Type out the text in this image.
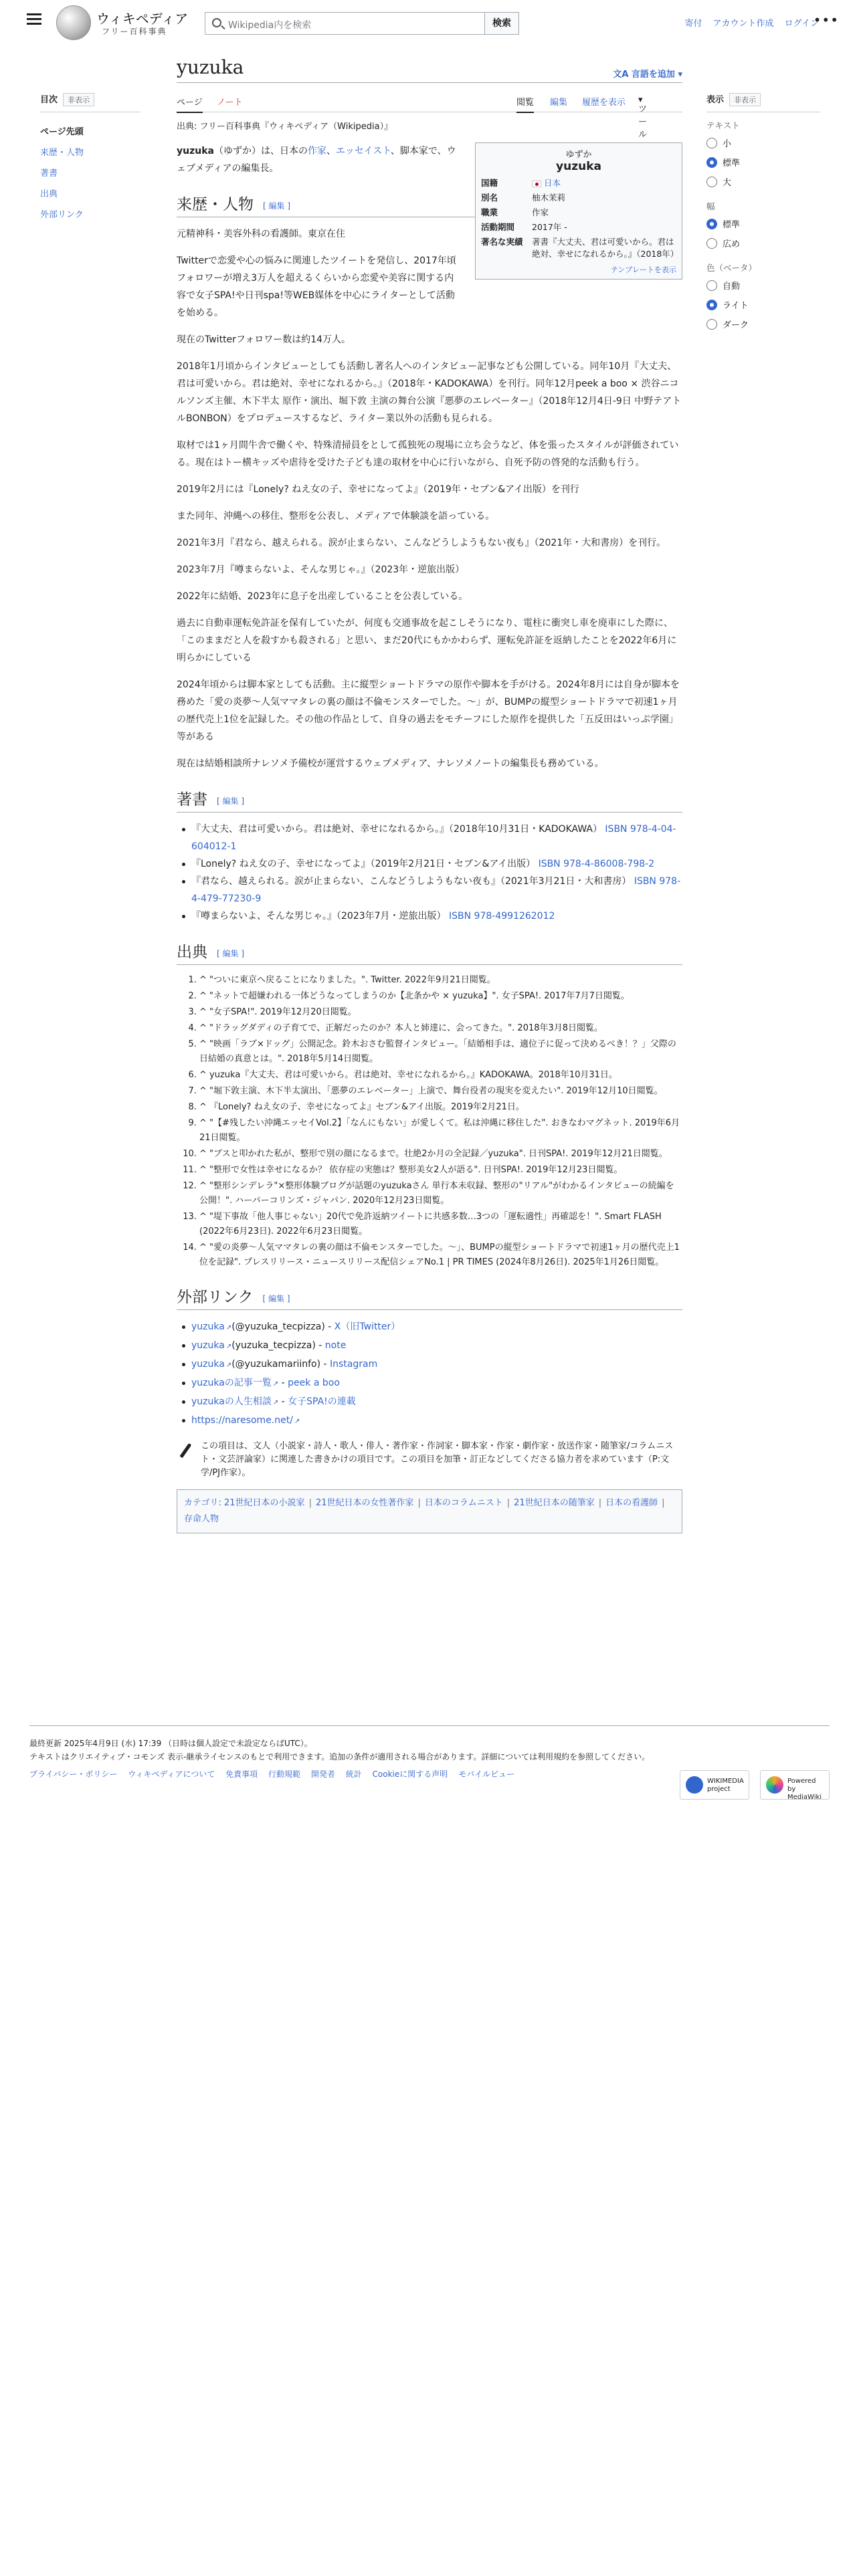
ウィキペディア
フリー百科事典
Wikipedia内を検索	検索	寄付 アカウント作成 ログイン
•••
目次 非表示
ページ先頭
来歴・人物
著書
出典
外部リンク
yuzuka	文A 言語を追加 ▾
ページ ノート	閲覧 編集 履歴を表示
ツール
▾
出典: フリー百科事典『ウィキペディア（Wikipedia）』
ゆずか
yuzuka
国籍	日本
別名	柚木茉莉
職業	作家
活動期間	2017年 -
著名な実績	著書『大丈夫、君は可愛いから。君は絶対、幸せになれるから。』（2018年）
テンプレートを表示

yuzuka（ゆずか）は、日本の作家、エッセイスト、脚本家で、ウェブメディアの編集長。

来歴・人物 [ 編集 ]

元精神科・美容外科の看護師。東京在住

Twitterで恋愛や心の悩みに関連したツイートを発信し、2017年頃フォロワーが増え3万人を超えるくらいから恋愛や美容に関する内容で女子SPA!や日刊spa!等WEB媒体を中心にライターとして活動を始める。

現在のTwitterフォロワー数は約14万人。

2018年1月頃からインタビューとしても活動し著名人へのインタビュー記事なども公開している。同年10月『大丈夫、君は可愛いから。君は絶対、幸せになれるから。』（2018年・KADOKAWA）を刊行。同年12月peek a boo × 渋谷ニコルソンズ主催、木下半太 原作・演出、堀下敦 主演の舞台公演『悪夢のエレベーター』（2018年12月4日-9日 中野テアトルBONBON）をプロデュースするなど、ライター業以外の活動も見られる。

取材では1ヶ月間牛舎で働くや、特殊清掃員をとして孤独死の現場に立ち会うなど、体を張ったスタイルが評価されている。現在はトー横キッズや虐待を受けた子ども達の取材を中心に行いながら、自死予防の啓発的な活動も行う。

2019年2月には『Lonely? ねえ女の子、幸せになってよ』（2019年・セブン&アイ出版）を刊行

また同年、沖縄への移住、整形を公表し、メディアで体験談を語っている。

2021年3月『君なら、越えられる。涙が止まらない、こんなどうしようもない夜も』（2021年・大和書房）を刊行。

2023年7月『噂まらないよ、そんな男じゃ。』（2023年・逆旅出版）

2022年に結婚、2023年に息子を出産していることを公表している。

過去に自動車運転免許証を保有していたが、何度も交通事故を起こしそうになり、電柱に衝突し車を廃車にした際に、「このままだと人を殺すかも殺される」と思い、まだ20代にもかかわらず、運転免許証を返納したことを2022年6月に明らかにしている

2024年頃からは脚本家としても活動。主に縦型ショートドラマの原作や脚本を手がける。2024年8月には自身が脚本を務めた「愛の炎夢〜人気ママタレの裏の顔は不倫モンスターでした。〜」が、BUMPの縦型ショートドラマで初速1ヶ月の歴代売上1位を記録した。その他の作品として、自身の過去をモチーフにした原作を提供した「五反田はいっぷ学園」等がある

現在は結婚相談所ナレソメ予備校が運営するウェブメディア、ナレソメノートの編集長も務めている。

著書 [ 編集 ]
『大丈夫、君は可愛いから。君は絶対、幸せになれるから。』（2018年10月31日・KADOKAWA） ISBN 978-4-04-604012-1
『Lonely? ねえ女の子、幸せになってよ』（2019年2月21日・セブン&アイ出版） ISBN 978-4-86008-798-2
『君なら、越えられる。涙が止まらない、こんなどうしようもない夜も』（2021年3月21日・大和書房） ISBN 978-4-479-77230-9
『噂まらないよ、そんな男じゃ。』（2023年7月・逆旅出版） ISBN 978-4991262012
出典 [ 編集 ]
1. ^ "ついに東京へ戻ることになりました。". Twitter. 2022年9月21日閲覧。
2. ^ "ネットで超嫌われる一体どうなってしまうのか【北条かや × yuzuka】". 女子SPA!. 2017年7月7日閲覧。
3. ^ "女子SPA!". 2019年12月20日閲覧。
4. ^ "ドラッグダディの子育てで、正解だったのか？本人と姉達に、会ってきた。". 2018年3月8日閲覧。
5. ^ "映画「ラブ×ドッグ」公開記念。鈴木おさむ監督インタビュー。「結婚相手は、適位子に促って決めるべき！？」父際の日結婚の真意とは。". 2018年5月14日閲覧。
6. ^ yuzuka『大丈夫、君は可愛いから。君は絶対、幸せになれるから。』KADOKAWA。2018年10月31日。
7. ^ "堀下敦主演、木下半太演出、「悪夢のエレベーター」上演で、舞台役者の現実を変えたい". 2019年12月10日閲覧。
8. ^ 『Lonely? ねえ女の子、幸せになってよ』セブン&アイ出版。2019年2月21日。
9. ^ "【#残したい沖縄エッセイVol.2】「なんにもない」が愛しくて。私は沖縄に移住した". おきなわマグネット. 2019年6月21日閲覧。
10. ^ "ブスと叩かれた私が、整形で別の顔になるまで。壮絶2か月の全記録／yuzuka". 日刊SPA!. 2019年12月21日閲覧。
11. ^ "整形で女性は幸せになるか？ 依存症の実態は？整形美女2人が語る". 日刊SPA!. 2019年12月23日閲覧。
12. ^ "整形シンデレラ"×整形体験ブログが話題のyuzukaさん 単行本未収録、整形の"リアル"がわかるインタビューの続編を公開！". ハーパーコリンズ・ジャパン. 2020年12月23日閲覧。
13. ^ "堤下事故「他人事じゃない」20代で免許返納ツイートに共感多数…3つの「運転適性」再確認を！". Smart FLASH (2022年6月23日). 2022年6月23日閲覧。
14. ^ "愛の炎夢〜人気ママタレの裏の顔は不倫モンスターでした。〜」、BUMPの縦型ショートドラマで初速1ヶ月の歴代売上1位を記録". プレスリリース・ニュースリリース配信シェアNo.1 | PR TIMES (2024年8月26日). 2025年1月26日閲覧。
外部リンク [ 編集 ]
yuzuka ↗ (@yuzuka_tecpizza) - X（旧Twitter）
yuzuka ↗ (yuzuka_tecpizza) - note
yuzuka ↗ (@yuzukamariinfo) - Instagram
yuzukaの記事一覧 ↗ - peek a boo
yuzukaの人生相談 ↗ - 女子SPA!の連載
https://naresome.net/ ↗
この項目は、文人（小説家・詩人・歌人・俳人・著作家・作詞家・脚本家・作家・劇作家・放送作家・随筆家/コラムニスト・文芸評論家）に関連した書きかけの項目です。この項目を加筆・訂正などしてくださる協力者を求めています（P:文学/PJ作家）。
カテゴリ: 21世紀日本の小説家 | 21世紀日本の女性著作家 | 日本のコラムニスト | 21世紀日本の随筆家 | 日本の看護師 |存命人物
表示 非表示
テキスト
小
標準
大
幅
標準
広め
色（ベータ）
自動
ライト
ダーク
最終更新 2025年4月9日 (水) 17:39 （日時は個人設定で未設定ならばUTC）。
テキストはクリエイティブ・コモンズ 表示-継承ライセンスのもとで利用できます。追加の条件が適用される場合があります。詳細については利用規約を参照してください。
プライバシー・ポリシー ウィキペディアについて 免責事項 行動規範 開発者 統計 Cookieに関する声明 モバイルビュー
WIKIMEDIA project
Powered by MediaWiki
